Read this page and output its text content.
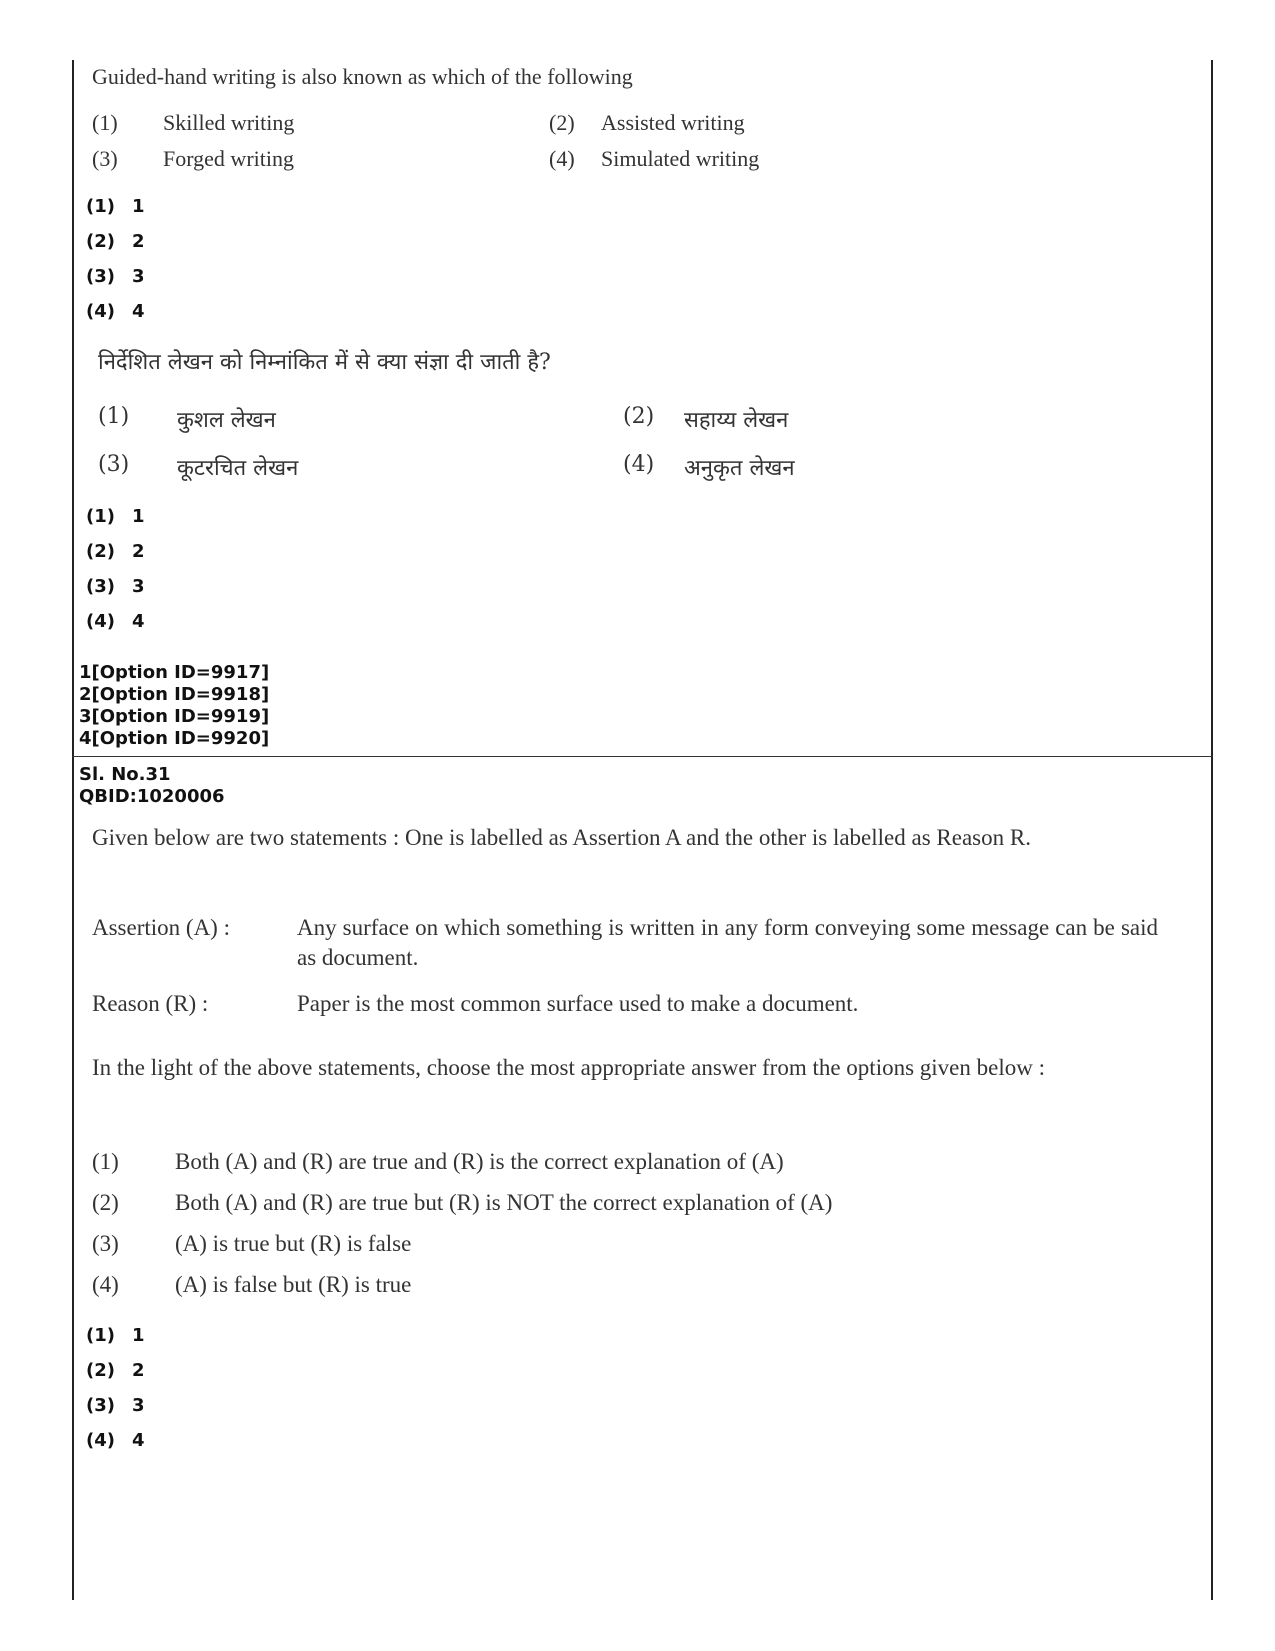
Guided-hand writing is also known as which of the following
(1) Skilled writing	(2) Assisted writing
(3) Forged writing	(4) Simulated writing
(1) 1
(2) 2
(3) 3
(4) 4
निर्देशित लेखन को निम्नांकित में से क्या संज्ञा दी जाती है?
(1) कुशल लेखन	(2) सहाय्य लेखन
(3) कूटरचित लेखन	(4) अनुकृत लेखन
(1) 1
(2) 2
(3) 3
(4) 4
1[Option ID=9917]
2[Option ID=9918]
3[Option ID=9919]
4[Option ID=9920]
Sl. No.31
QBID:1020006
Given below are two statements : One is labelled as Assertion A and the other is labelled as Reason R.
Assertion (A) :	Any surface on which something is written in any form conveying some message can be said as document.
Reason (R) :	Paper is the most common surface used to make a document.
In the light of the above statements, choose the most appropriate answer from the options given below :
(1) Both (A) and (R) are true and (R) is the correct explanation of (A)
(2) Both (A) and (R) are true but (R) is NOT the correct explanation of (A)
(3) (A) is true but (R) is false
(4) (A) is false but (R) is true
(1) 1
(2) 2
(3) 3
(4) 4
